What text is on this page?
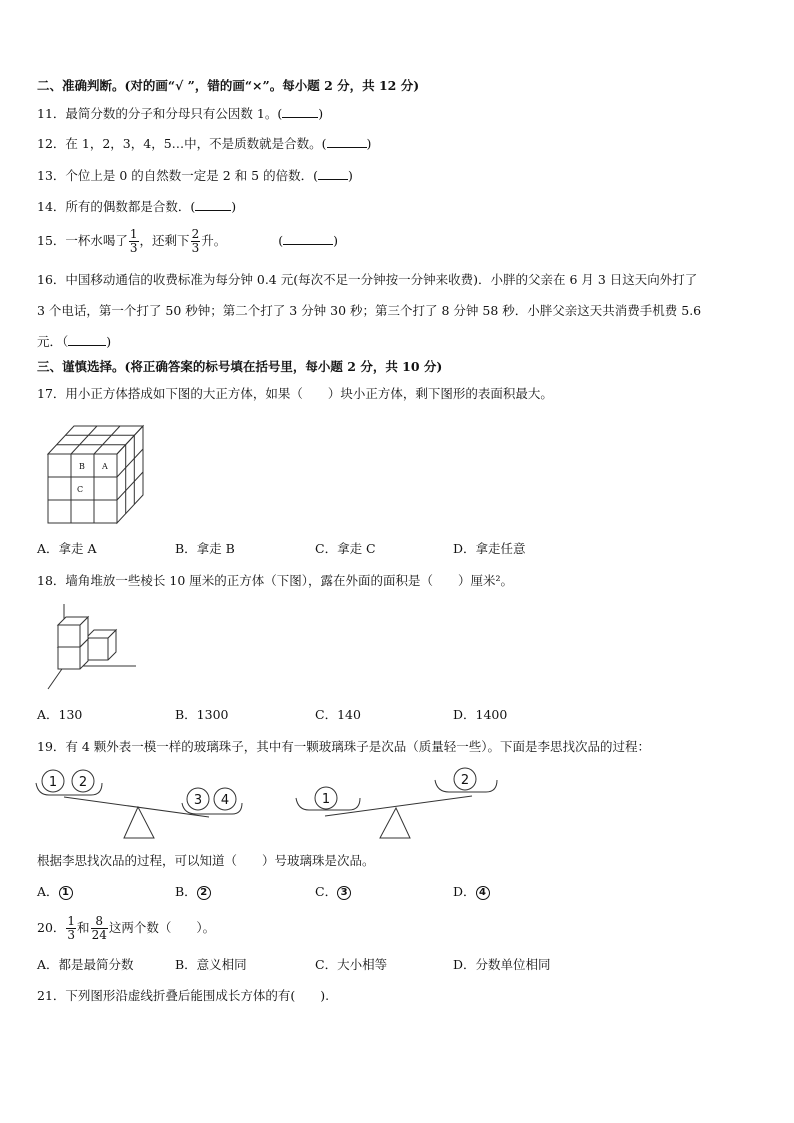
二、准确判断。(对的画“√ ”，错的画“×”。每小题 2 分，共 12 分)
11．最简分数的分子和分母只有公因数 1。(	)
12．在 1，2，3，4，5…中，不是质数就是合数。(	)
13．个位上是 0 的自然数一定是 2 和 5 的倍数．( )
14．所有的偶数都是合数．(	)
15．一杯水喝了 $\frac{1}{3}$ ，还剩下 $\frac{2}{3}$ 升。	(	)
16．中国移动通信的收费标准为每分钟 0.4 元(每次不足一分钟按一分钟来收费)．小胖的父亲在 6 月 3 日这天向外打了
3 个电话，第一个打了 50 秒钟；第二个打了 3 分钟 30 秒；第三个打了 8 分钟 58 秒．小胖父亲这天共消费手机费 5.6
元．（	)
三、谨慎选择。(将正确答案的标号填在括号里，每小题 2 分，共 10 分)
17．用小正方体搭成如下图的大正方体，如果（　　）块小正方体，剩下图形的表面积最大。
B A
C
A．拿走 A	B．拿走 B	C．拿走 C	D．拿走任意
18．墙角堆放一些棱长 10 厘米的正方体（下图），露在外面的面积是（　　）厘米²。
A．130	B．1300	C．140	D．1400
19．有 4 颗外表一模一样的玻璃珠子，其中有一颗玻璃珠子是次品（质量轻一些）。下面是李思找次品的过程：
1 2
3 4	1
2
根据李思找次品的过程，可以知道（　　）号玻璃珠是次品。
A． 1	B． 2	C． 3	D． 4
20． $\frac{1}{3}$ 和 $\frac{8}{24}$ 这两个数（　　）。
A．都是最简分数	B．意义相同	C．大小相等	D．分数单位相同
21．下列图形沿虚线折叠后能围成长方体的有(　　).
